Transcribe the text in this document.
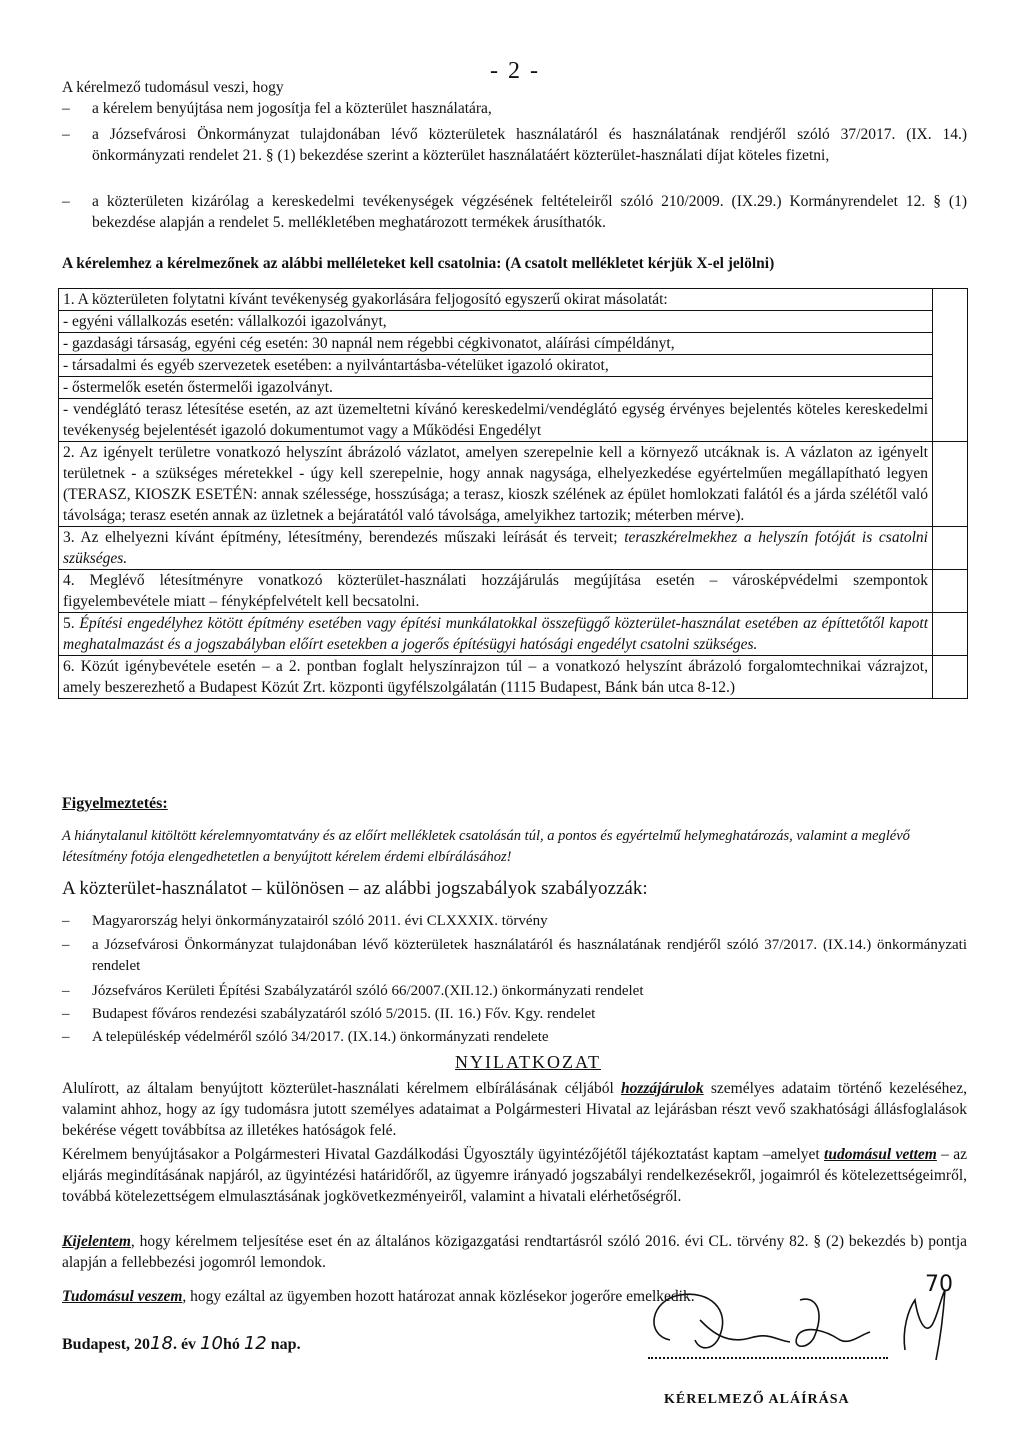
- 2 -
A kérelmező tudomásul veszi, hogy
–	a kérelem benyújtása nem jogosítja fel a közterület használatára,
–	a Józsefvárosi Önkormányzat tulajdonában lévő közterületek használatáról és használatának rendjéről szóló 37/2017. (IX. 14.) önkormányzati rendelet 21. § (1) bekezdése szerint a közterület használatáért közterület-használati díjat köteles fizetni,
–	a közterületen kizárólag a kereskedelmi tevékenységek végzésének feltételeiről szóló 210/2009. (IX.29.) Kormányrendelet 12. § (1) bekezdése alapján a rendelet 5. mellékletében meghatározott termékek árusíthatók.
A kérelemhez a kérelmezőnek az alábbi melléleteket kell csatolnia: (A csatolt mellékletet kérjük X-el jelölni)
1. A közterületen folytatni kívánt tevékenység gyakorlására feljogosító egyszerű okirat másolatát:	
- egyéni vállalkozás esetén: vállalkozói igazolványt,	
- gazdasági társaság, egyéni cég esetén: 30 napnál nem régebbi cégkivonatot, aláírási címpéldányt,	
- társadalmi és egyéb szervezetek esetében: a nyilvántartásba-vételüket igazoló okiratot,	
- őstermelők esetén őstermelői igazolványt.	
- vendéglátó terasz létesítése esetén, az azt üzemeltetni kívánó kereskedelmi/vendéglátó egység érvényes bejelentés köteles kereskedelmi tevékenység bejelentését igazoló dokumentumot vagy a Működési Engedélyt	
2. Az igényelt területre vonatkozó helyszínt ábrázoló vázlatot, amelyen szerepelnie kell a környező utcáknak is. A vázlaton az igényelt területnek - a szükséges méretekkel - úgy kell szerepelnie, hogy annak nagysága, elhelyezkedése egyértelműen megállapítható legyen (TERASZ, KIOSZK ESETÉN: annak szélessége, hosszúsága; a terasz, kioszk szélének az épület homlokzati falától és a járda szélétől való távolsága; terasz esetén annak az üzletnek a bejáratától való távolsága, amelyikhez tartozik; méterben mérve).	
3. Az elhelyezni kívánt építmény, létesítmény, berendezés műszaki leírását és terveit; teraszkérelmekhez a helyszín fotóját is csatolni szükséges.	
4. Meglévő létesítményre vonatkozó közterület-használati hozzájárulás megújítása esetén – városképvédelmi szempontok figyelembevétele miatt – fényképfelvételt kell becsatolni.	
5. Építési engedélyhez kötött építmény esetében vagy építési munkálatokkal összefüggő közterület-használat esetében az építtetőtől kapott meghatalmazást és a jogszabályban előírt esetekben a jogerős építésügyi hatósági engedélyt csatolni szükséges.	
6. Közút igénybevétele esetén – a 2. pontban foglalt helyszínrajzon túl – a vonatkozó helyszínt ábrázoló forgalomtechnikai vázrajzot, amely beszerezhető a Budapest Közút Zrt. központi ügyfélszolgálatán (1115 Budapest, Bánk bán utca 8-12.)	
Figyelmeztetés:
A hiánytalanul kitöltött kérelemnyomtatvány és az előírt mellékletek csatolásán túl, a pontos és egyértelmű helymeghatározás, valamint a meglévő létesítmény fotója elengedhetetlen a benyújtott kérelem érdemi elbírálásához!
A közterület-használatot – különösen – az alábbi jogszabályok szabályozzák:
–	Magyarország helyi önkormányzatairól szóló 2011. évi CLXXXIX. törvény
–	a Józsefvárosi Önkormányzat tulajdonában lévő közterületek használatáról és használatának rendjéről szóló 37/2017. (IX.14.) önkormányzati rendelet
–	Józsefváros Kerületi Építési Szabályzatáról szóló 66/2007.(XII.12.) önkormányzati rendelet
–	Budapest főváros rendezési szabályzatáról szóló 5/2015. (II. 16.) Főv. Kgy. rendelet
–	A településkép védelméről szóló 34/2017. (IX.14.) önkormányzati rendelete
NYILATKOZAT
Alulírott, az általam benyújtott közterület-használati kérelmem elbírálásának céljából hozzájárulok személyes adataim történő kezeléséhez, valamint ahhoz, hogy az így tudomásra jutott személyes adataimat a Polgármesteri Hivatal az lejárásban részt vevő szakhatósági állásfoglalások bekérése végett továbbítsa az illetékes hatóságok felé.
Kérelmem benyújtásakor a Polgármesteri Hivatal Gazdálkodási Ügyosztály ügyintézőjétől tájékoztatást kaptam –amelyet tudomásul vettem – az eljárás megindításának napjáról, az ügyintézési határidőről, az ügyemre irányadó jogszabályi rendelkezésekről, jogaimról és kötelezettségeimről, továbbá kötelezettségem elmulasztásának jogkövetkezményeiről, valamint a hivatali elérhetőségről.
Kijelentem, hogy kérelmem teljesítése eset én az általános közigazgatási rendtartásról szóló 2016. évi CL. törvény 82. § (2) bekezdés b) pontja alapján a fellebbezési jogomról lemondok.
Tudomásul veszem, hogy ezáltal az ügyemben hozott határozat annak közlésekor jogerőre emelkedik.	70
Budapest, 2018. év 10hó 12 nap.
KÉRELMEZŐ ALÁÍRÁSA
